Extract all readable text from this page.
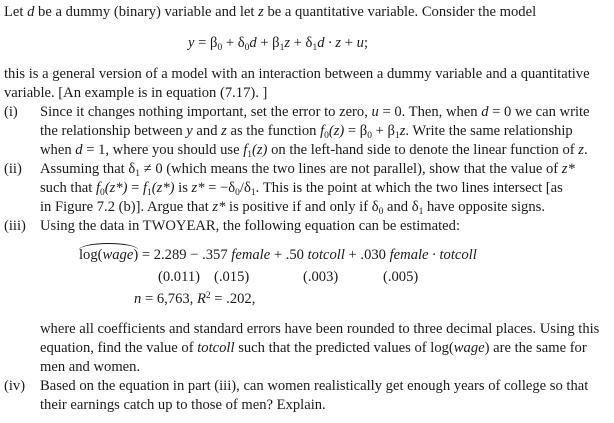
Let d be a dummy (binary) variable and let z be a quantitative variable. Consider the model
$y = \beta_0 + \delta_0d + \beta_1z + \delta_1d \cdot z + u$;
this is a general version of a model with an interaction between a dummy variable and a quantitative
variable. [An example is in equation (7.17). ]
(i) Since it changes nothing important, set the error to zero, u = 0. Then, when d = 0 we can write
the relationship between y and z as the function $f_0(z) = \beta_0 + \beta_1z$. Write the same relationship
when d = 1, where you should use $f_1(z)$ on the left-hand side to denote the linear function of z.
(ii) Assuming that $\delta_1 \ne 0$ (which means the two lines are not parallel), show that the value of z*
such that $f_0(z*) = f_1(z*)$ is $z* = -\delta_0/\delta_1$. This is the point at which the two lines intersect [as
in Figure 7.2 (b)]. Argue that z* is positive if and only if $\delta_0$ and $\delta_1$ have opposite signs.
(iii) Using the data in TWOYEAR, the following equation can be estimated:
log(wage) = 2.289 − .357 female + .50 totcoll + .030 female · totcoll
(0.011) (.015)	(.003)	(.005)
n = 6,763, $R^2 = .202$,
where all coefficients and standard errors have been rounded to three decimal places. Using this
equation, find the value of totcoll such that the predicted values of log(wage) are the same for
men and women.
(iv) Based on the equation in part (iii), can women realistically get enough years of college so that
their earnings catch up to those of men? Explain.
